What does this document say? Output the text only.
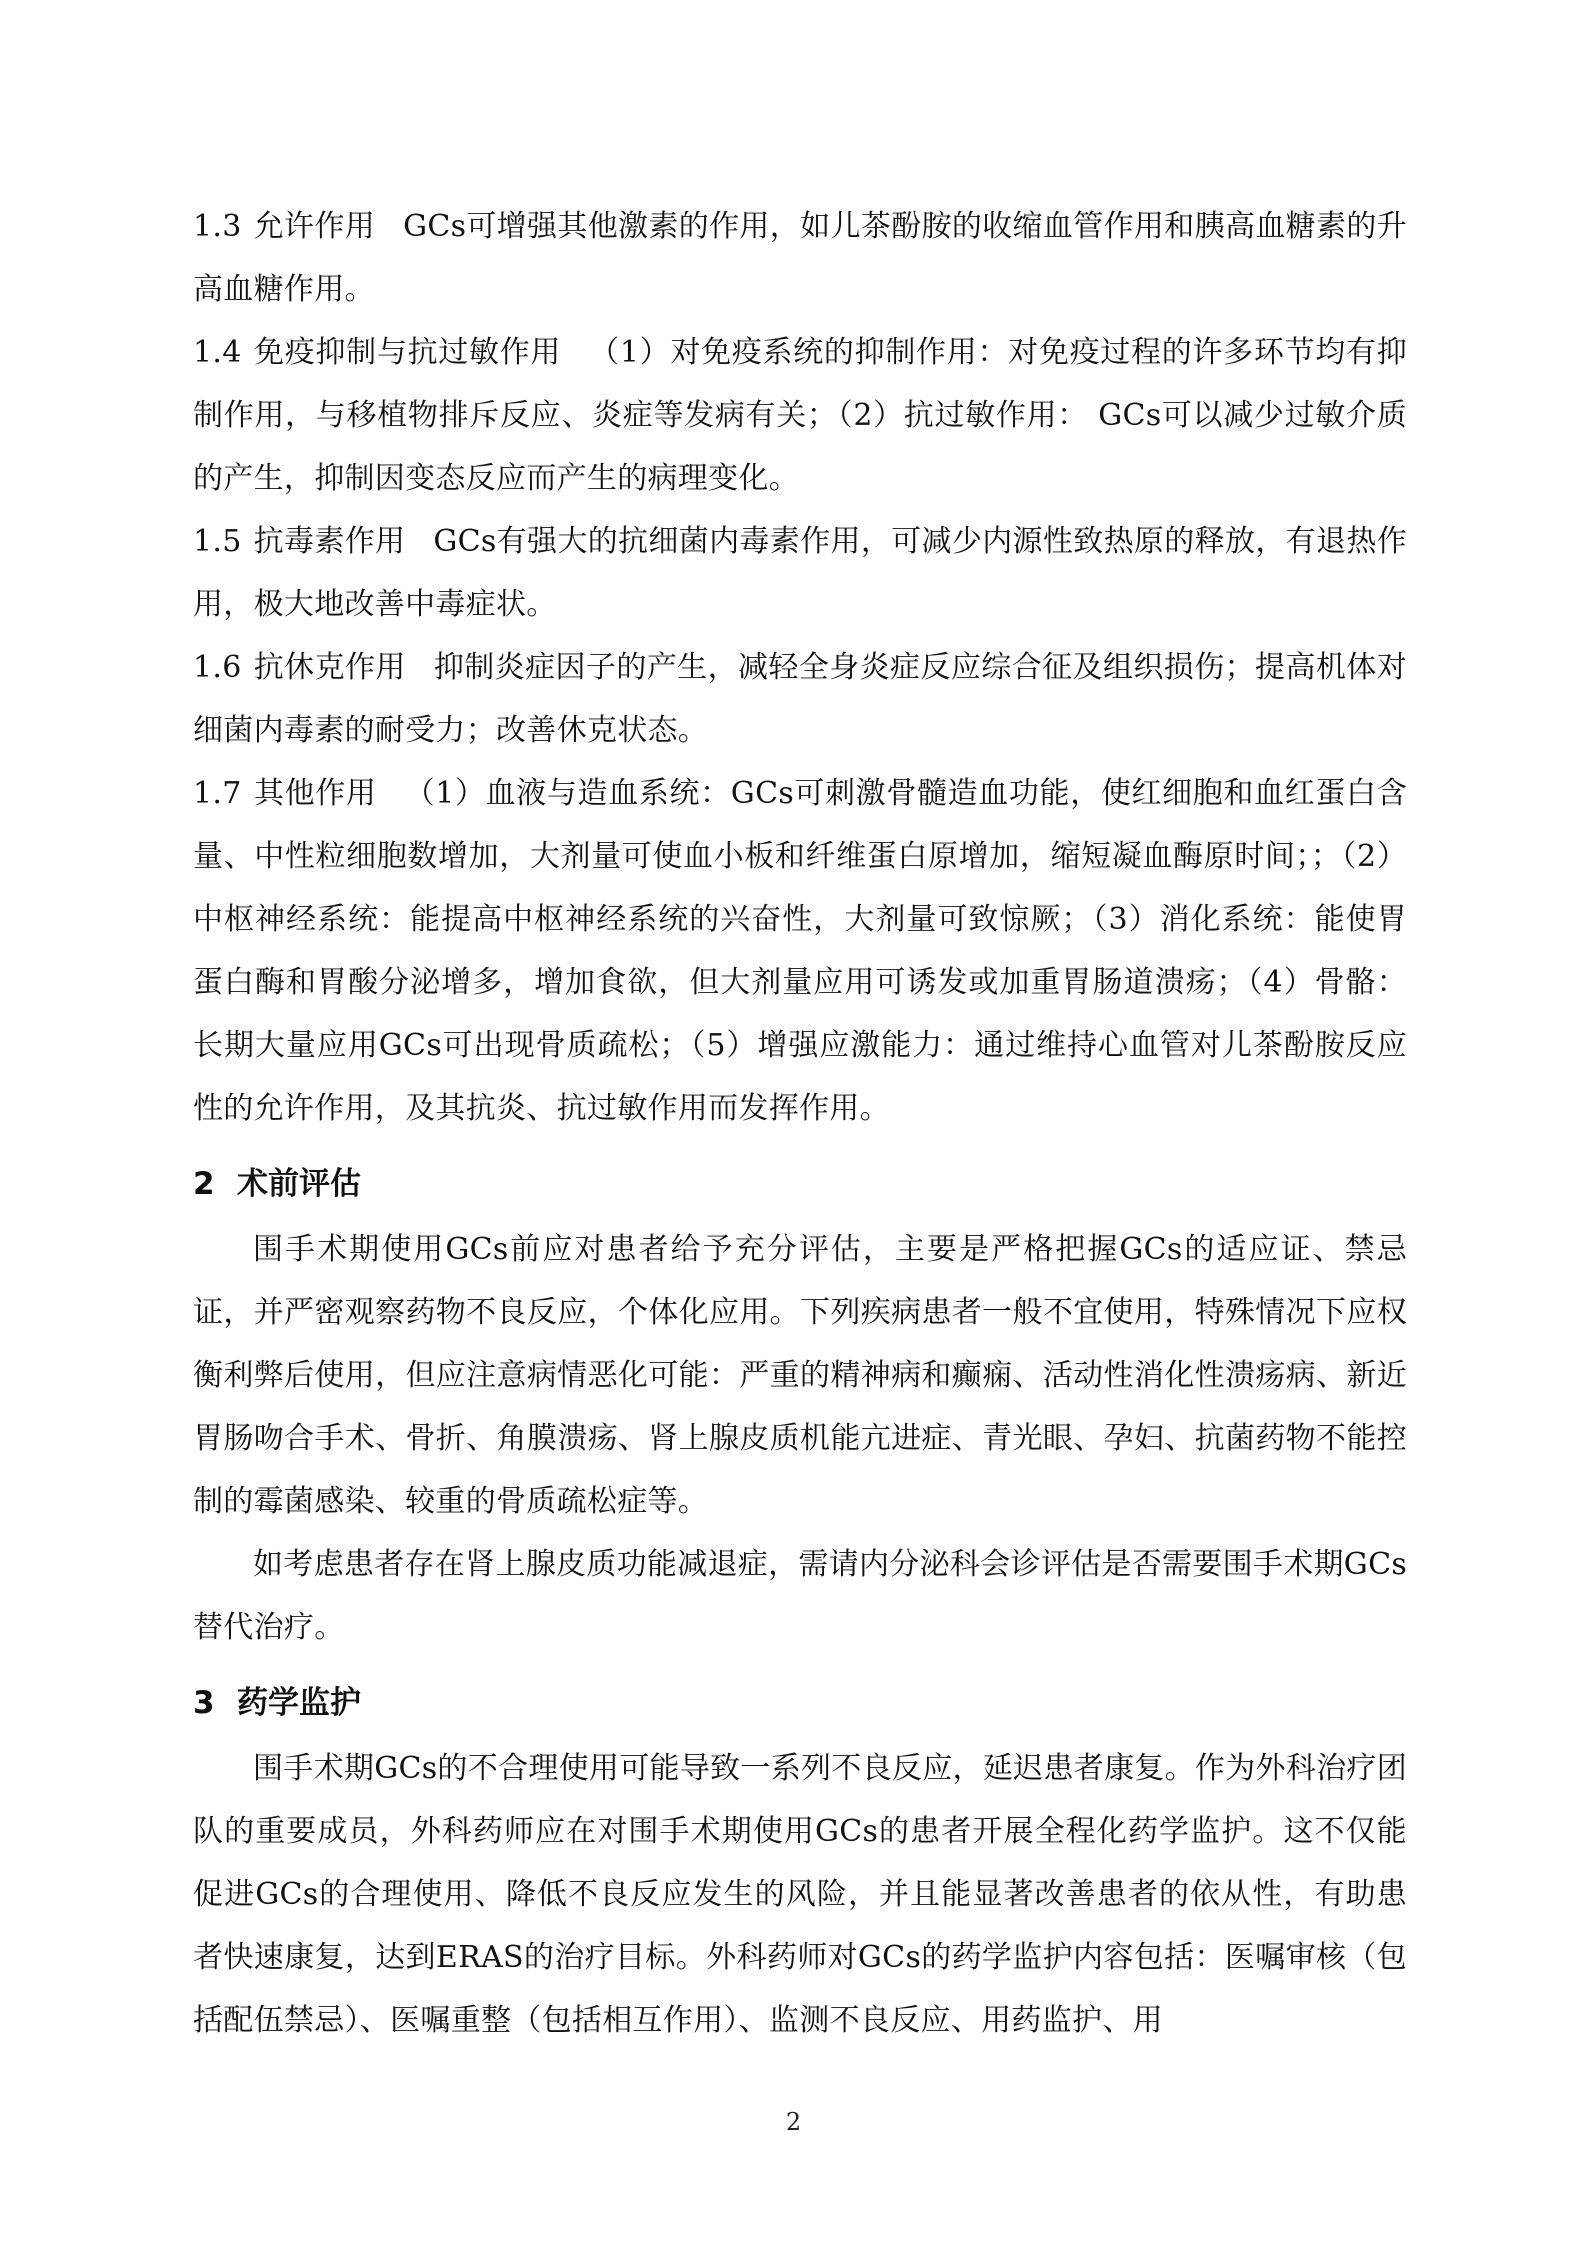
1.3 允许作用 GCs可增强其他激素的作用，如儿茶酚胺的收缩血管作用和胰高血糖素的升高血糖作用。

1.4 免疫抑制与抗过敏作用 （1）对免疫系统的抑制作用：对免疫过程的许多环节均有抑制作用，与移植物排斥反应、炎症等发病有关；（2）抗过敏作用： GCs可以减少过敏介质的产生，抑制因变态反应而产生的病理变化。

1.5 抗毒素作用 GCs有强大的抗细菌内毒素作用，可减少内源性致热原的释放，有退热作用，极大地改善中毒症状。

1.6 抗休克作用 抑制炎症因子的产生，减轻全身炎症反应综合征及组织损伤；提高机体对细菌内毒素的耐受力；改善休克状态。

1.7 其他作用 （1）血液与造血系统：GCs可刺激骨髓造血功能，使红细胞和血红蛋白含量、中性粒细胞数增加，大剂量可使血小板和纤维蛋白原增加，缩短凝血酶原时间；；（2）中枢神经系统：能提高中枢神经系统的兴奋性，大剂量可致惊厥；（3）消化系统：能使胃蛋白酶和胃酸分泌增多，增加食欲，但大剂量应用可诱发或加重胃肠道溃疡；（4）骨骼：长期大量应用GCs可出现骨质疏松；（5）增强应激能力：通过维持心血管对儿茶酚胺反应性的允许作用，及其抗炎、抗过敏作用而发挥作用。

2 术前评估

围手术期使用GCs前应对患者给予充分评估，主要是严格把握GCs的适应证、禁忌证，并严密观察药物不良反应，个体化应用。下列疾病患者一般不宜使用，特殊情况下应权衡利弊后使用，但应注意病情恶化可能：严重的精神病和癫痫、活动性消化性溃疡病、新近胃肠吻合手术、骨折、角膜溃疡、肾上腺皮质机能亢进症、青光眼、孕妇、抗菌药物不能控制的霉菌感染、较重的骨质疏松症等。

如考虑患者存在肾上腺皮质功能减退症，需请内分泌科会诊评估是否需要围手术期GCs替代治疗。

3 药学监护

围手术期GCs的不合理使用可能导致一系列不良反应，延迟患者康复。作为外科治疗团队的重要成员，外科药师应在对围手术期使用GCs的患者开展全程化药学监护。这不仅能促进GCs的合理使用、降低不良反应发生的风险，并且能显著改善患者的依从性，有助患者快速康复，达到ERAS的治疗目标。外科药师对GCs的药学监护内容包括：医嘱审核（包括配伍禁忌）、医嘱重整（包括相互作用）、监测不良反应、用药监护、用

2
